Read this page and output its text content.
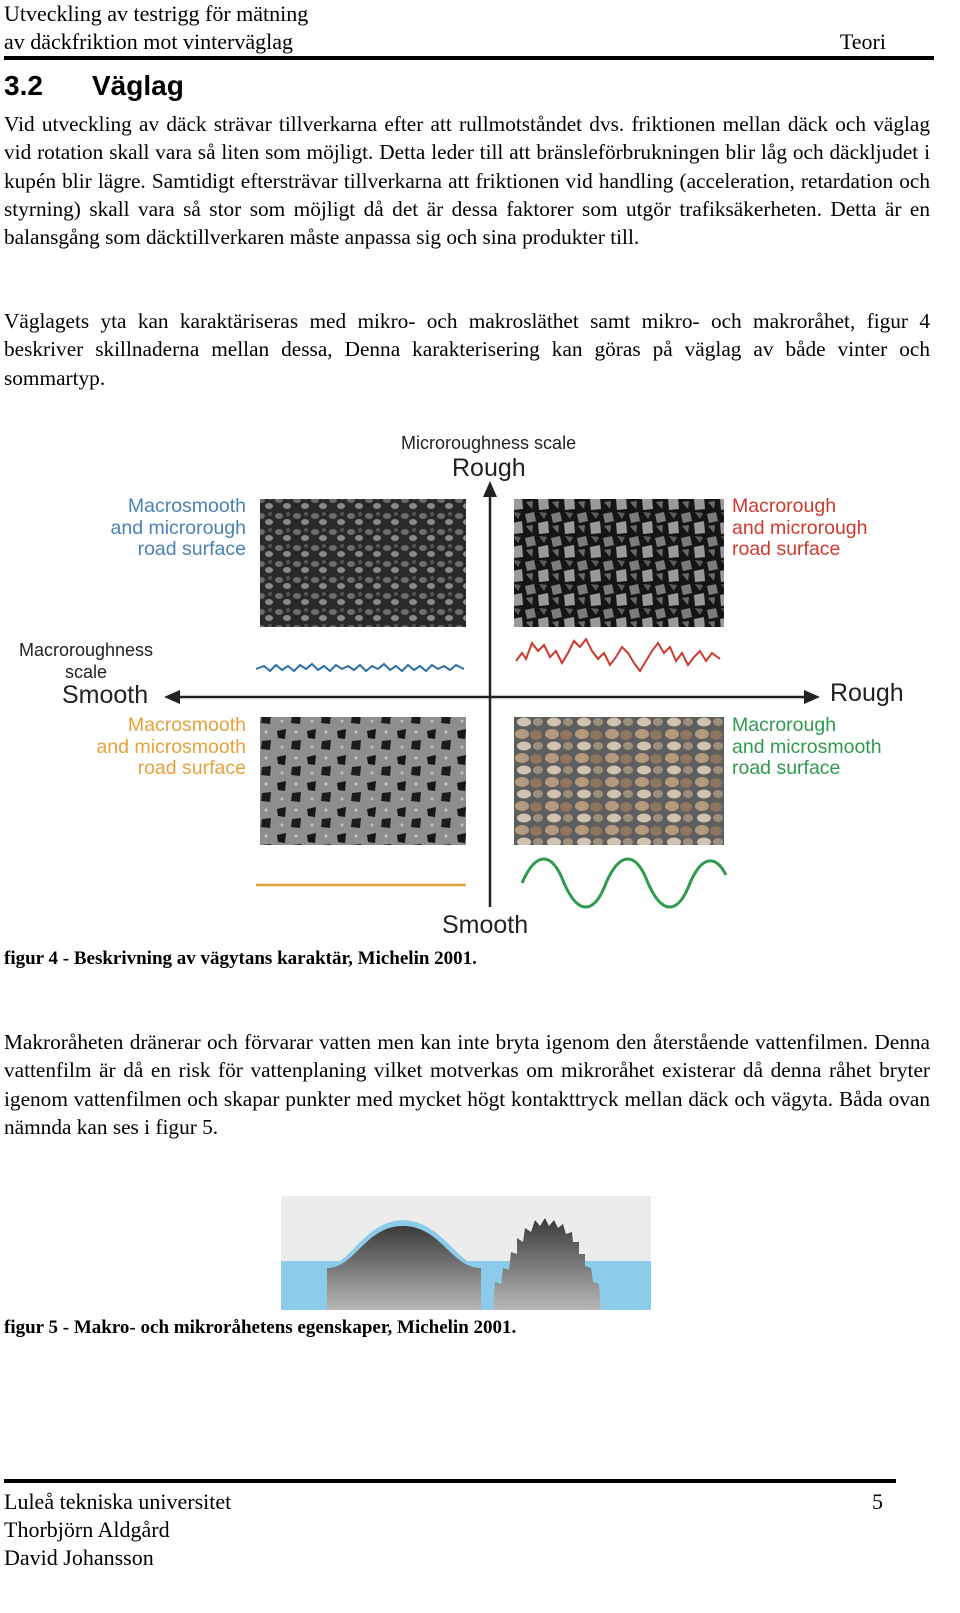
Utveckling av testrigg för mätning
av däckfriktion mot vinterväglag	Teori
3.2 Väglag
Vid utveckling av däck strävar tillverkarna efter att rullmotståndet dvs. friktionen mellan däck och väglag vid rotation skall vara så liten som möjligt. Detta leder till att bränsleförbrukningen blir låg och däckljudet i kupén blir lägre. Samtidigt eftersträvar tillverkarna att friktionen vid handling (acceleration, retardation och styrning) skall vara så stor som möjligt då det är dessa faktorer som utgör trafiksäkerheten. Detta är en balansgång som däcktillverkaren måste anpassa sig och sina produkter till.
Väglagets yta kan karaktäriseras med mikro- och makrosläthet samt mikro- och makroråhet, figur 4 beskriver skillnaderna mellan dessa, Denna karakterisering kan göras på väglag av både vinter och sommartyp.
Microroughness scale
Rough
Smooth
Macroroughness
scale
Smooth	Rough
Macrosmooth
and microrough
road surface
Macrorough
and microrough
road surface
Macrosmooth
and microsmooth
road surface
Macrorough
and microsmooth
road surface
figur 4 - Beskrivning av vägytans karaktär, Michelin 2001.
Makroråheten dränerar och förvarar vatten men kan inte bryta igenom den återstående vattenfilmen. Denna vattenfilm är då en risk för vattenplaning vilket motverkas om mikroråhet existerar då denna råhet bryter igenom vattenfilmen och skapar punkter med mycket högt kontakttryck mellan däck och vägyta. Båda ovan nämnda kan ses i figur 5.
figur 5 - Makro- och mikroråhetens egenskaper, Michelin 2001.
Luleå tekniska universitet
Thorbjörn Aldgård
David Johansson
5
